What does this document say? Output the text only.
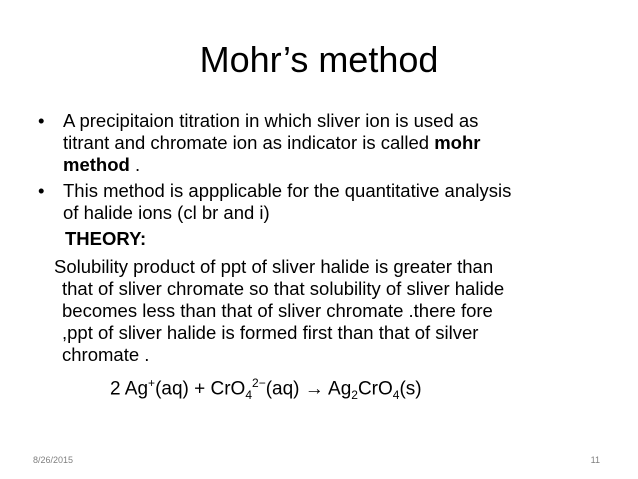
Mohr’s method
• A precipitaion titration in which sliver ion is used as
titrant and chromate ion as indicator is called mohr
method .
• This method is appplicable for the quantitative analysis
of halide ions (cl br and i)
THEORY:
Solubility product of ppt of sliver halide is greater than
that of sliver chromate so that solubility of sliver halide
becomes less than that of sliver chromate .there fore
,ppt of sliver halide is formed first than that of silver
chromate .
2 $Ag^+(aq) + CrO_4^{2-}(aq) \to Ag_2CrO_4(s)$
8/26/2015	11
